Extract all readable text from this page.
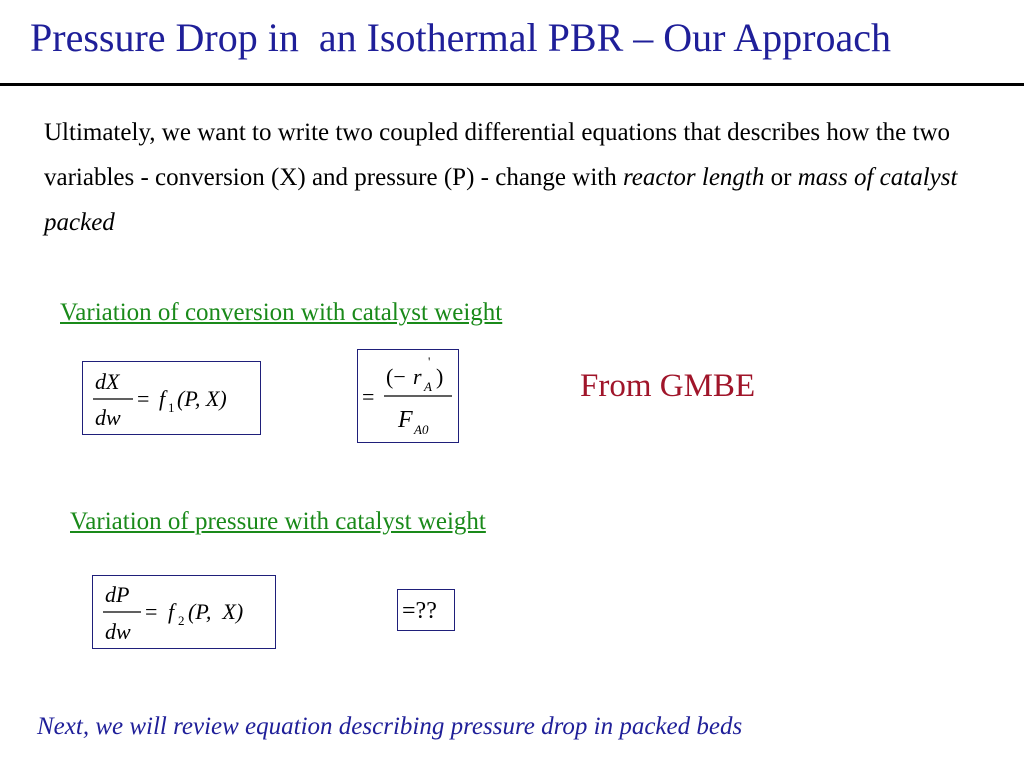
Pressure Drop in  an Isothermal PBR – Our Approach
Ultimately, we want to write two coupled differential equations that describes how the two variables - conversion (X) and pressure (P) - change with reactor length or mass of catalyst packed
Variation of conversion with catalyst weight
dX
dw
= f 1 (P, X)	=
(− r A
'
)
F A0
From GMBE
Variation of pressure with catalyst weight
dP
dw
= f 2 (P,  X)	=??
Next, we will review equation describing pressure drop in packed beds
